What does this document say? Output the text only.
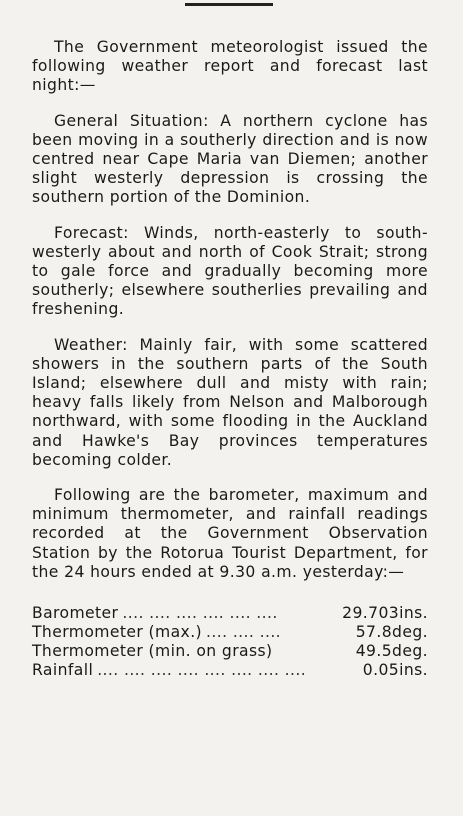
The Government meteorologist issued the following weather report and forecast last night:—

General Situation: A northern cyclone has been moving in a southerly direction and is now centred near Cape Maria van Diemen; another slight westerly depression is crossing the southern portion of the Dominion.

Forecast: Winds, north-easterly to south-westerly about and north of Cook Strait; strong to gale force and gradually becoming more southerly; elsewhere southerlies prevailing and freshening.

Weather: Mainly fair, with some scattered showers in the southern parts of the South Island; elsewhere dull and misty with rain; heavy falls likely from Nelson and Malborough northward, with some flooding in the Auckland and Hawke's Bay provinces temperatures becoming colder.

Following are the barometer, maximum and minimum thermometer, and rainfall readings recorded at the Government Observation Station by the Rotorua Tourist Department, for the 24 hours ended at 9.30 a.m. yesterday:—

Barometer .... .... .... .... .... ....	29.703ins.
Thermometer (max.) .... .... ....	57.8deg.
Thermometer (min. on grass)	49.5deg.
Rainfall .... .... .... .... .... .... .... ....	0.05ins.
